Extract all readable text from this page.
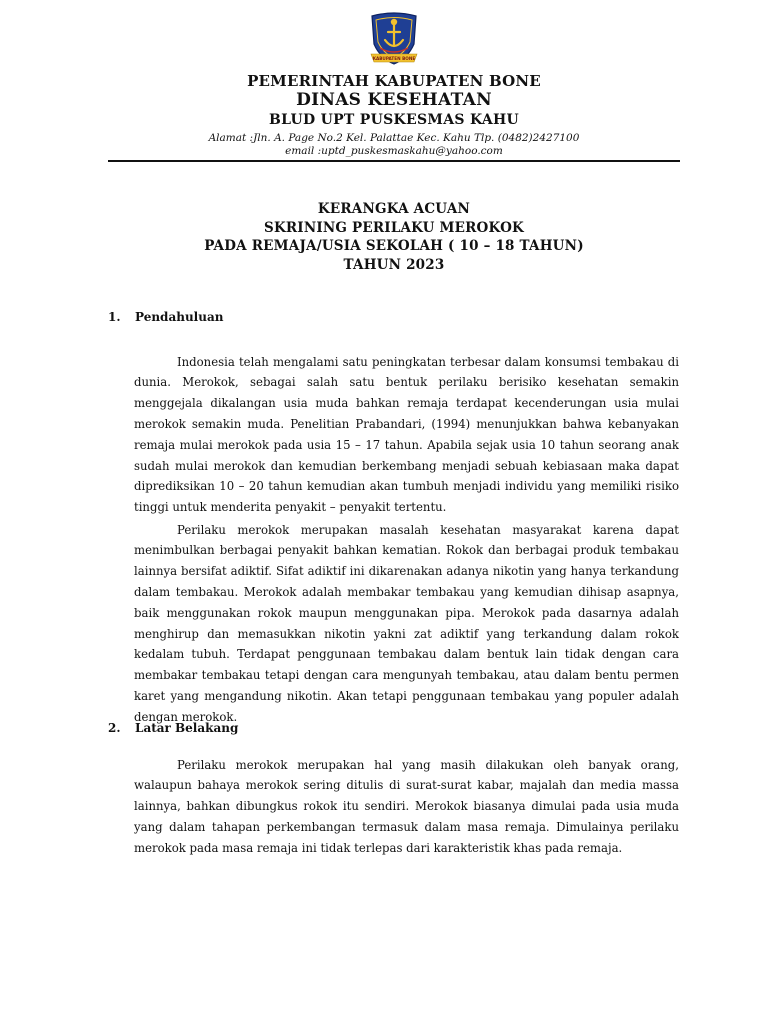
KABUPATEN BONE
PEMERINTAH KABUPATEN BONE
DINAS KESEHATAN
BLUD UPT PUSKESMAS KAHU
Alamat :Jln. A. Page No.2 Kel. Palattae Kec. Kahu Tlp. (0482)2427100
email :uptd_puskesmaskahu@yahoo.com
KERANGKA ACUAN
SKRINING PERILAKU MEROKOK
PADA REMAJA/USIA SEKOLAH ( 10 – 18 TAHUN)
TAHUN 2023
1. Pendahuluan

Indonesia telah mengalami satu peningkatan terbesar dalam konsumsi tembakau di dunia. Merokok, sebagai salah satu bentuk perilaku berisiko kesehatan semakin menggejala dikalangan usia muda bahkan remaja terdapat kecenderungan usia mulai merokok semakin muda. Penelitian Prabandari, (1994) menunjukkan bahwa kebanyakan remaja mulai merokok pada usia 15 – 17 tahun. Apabila sejak usia 10 tahun seorang anak sudah mulai merokok dan kemudian berkembang menjadi sebuah kebiasaan maka dapat diprediksikan 10 – 20 tahun kemudian akan tumbuh menjadi individu yang memiliki risiko tinggi untuk menderita penyakit – penyakit tertentu.

Perilaku merokok merupakan masalah kesehatan masyarakat karena dapat menimbulkan berbagai penyakit bahkan kematian. Rokok dan berbagai produk tembakau lainnya bersifat adiktif. Sifat adiktif ini dikarenakan adanya nikotin yang hanya terkandung dalam tembakau. Merokok adalah membakar tembakau yang kemudian dihisap asapnya, baik menggunakan rokok maupun menggunakan pipa. Merokok pada dasarnya adalah menghirup dan memasukkan nikotin yakni zat adiktif yang terkandung dalam rokok kedalam tubuh. Terdapat penggunaan tembakau dalam bentuk lain tidak dengan cara membakar tembakau tetapi dengan cara mengunyah tembakau, atau dalam bentu permen karet yang mengandung nikotin. Akan tetapi penggunaan tembakau yang populer adalah dengan merokok.

2. Latar Belakang

Perilaku merokok merupakan hal yang masih dilakukan oleh banyak orang, walaupun bahaya merokok sering ditulis di surat-surat kabar, majalah dan media massa lainnya, bahkan dibungkus rokok itu sendiri. Merokok biasanya dimulai pada usia muda yang dalam tahapan perkembangan termasuk dalam masa remaja. Dimulainya perilaku merokok pada masa remaja ini tidak terlepas dari karakteristik khas pada remaja.
